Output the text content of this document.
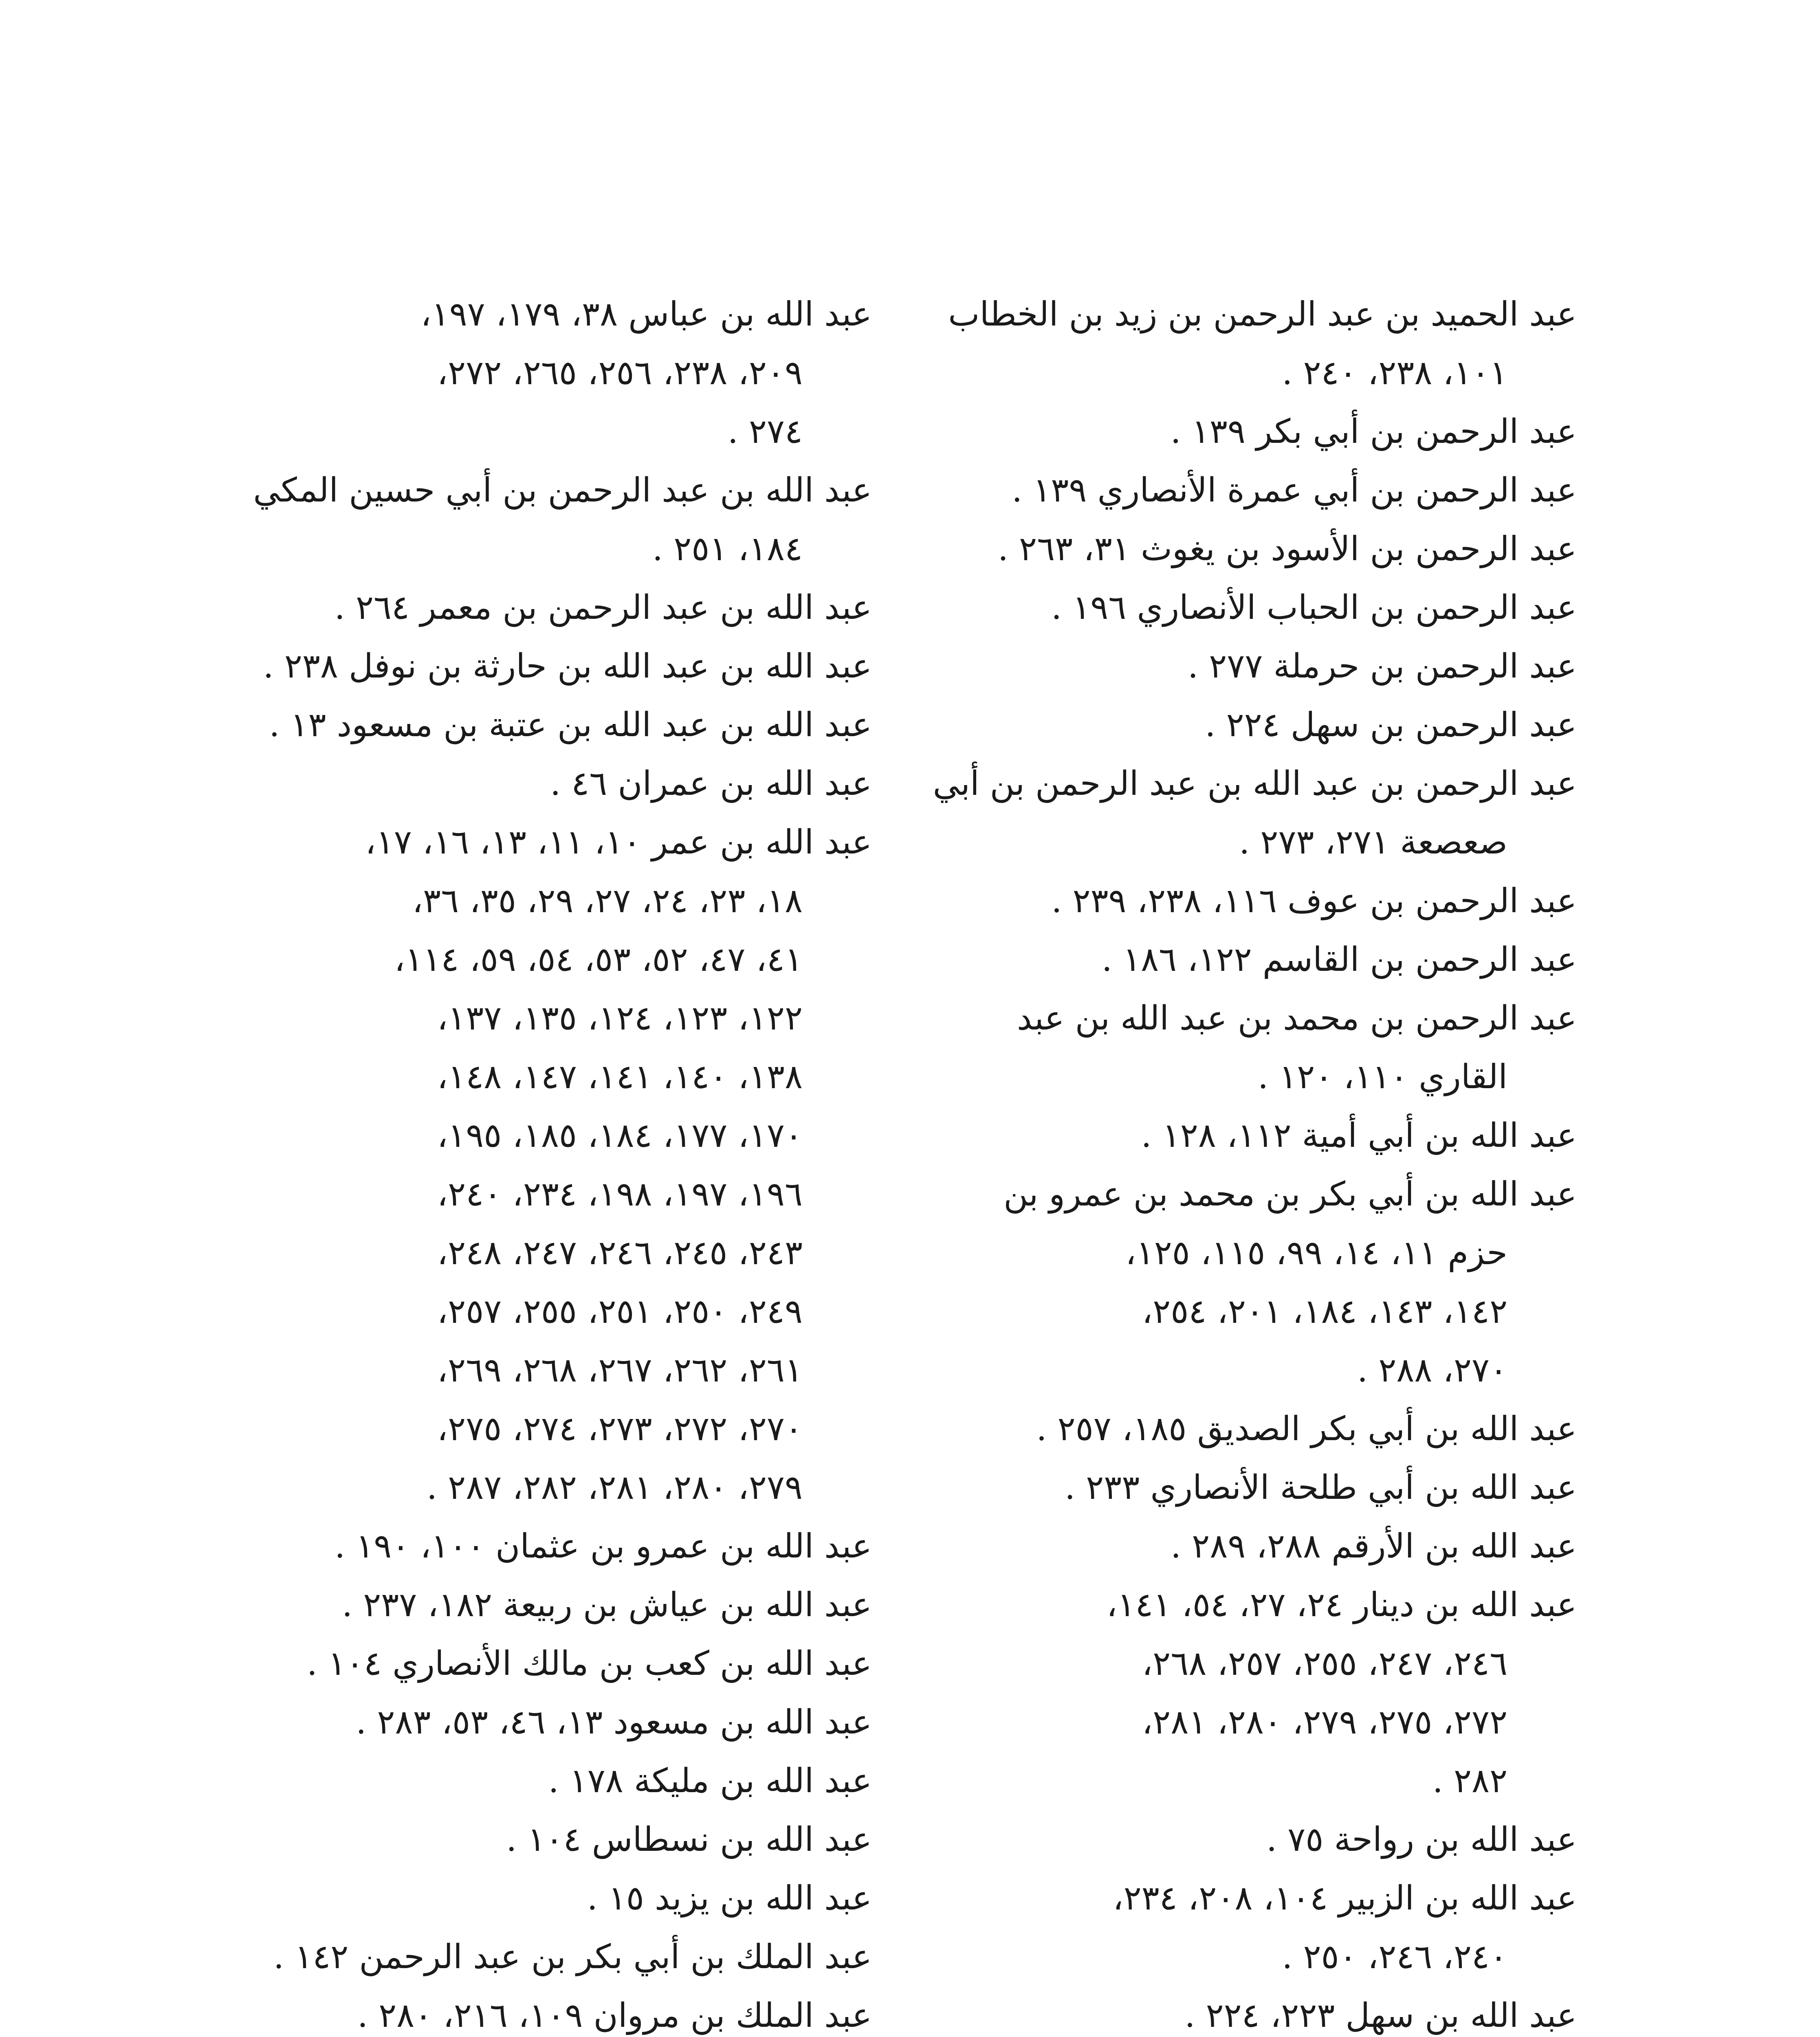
عبد الحميد بن عبد الرحمن بن زيد بن الخطاب
١٠١، ٢٣٨، ٢٤٠ .
عبد الرحمن بن أبي بكر ١٣٩ .
عبد الرحمن بن أبي عمرة الأنصاري ١٣٩ .
عبد الرحمن بن الأسود بن يغوث ٣١، ٢٦٣ .
عبد الرحمن بن الحباب الأنصاري ١٩٦ .
عبد الرحمن بن حرملة ٢٧٧ .
عبد الرحمن بن سهل ٢٢٤ .
عبد الرحمن بن عبد الله بن عبد الرحمن بن أبي
صعصعة ٢٧١، ٢٧٣ .
عبد الرحمن بن عوف ١١٦، ٢٣٨، ٢٣٩ .
عبد الرحمن بن القاسم ١٢٢، ١٨٦ .
عبد الرحمن بن محمد بن عبد الله بن عبد
القاري ١١٠، ١٢٠ .
عبد الله بن أبي أمية ١١٢، ١٢٨ .
عبد الله بن أبي بكر بن محمد بن عمرو بن
حزم ١١، ١٤، ٩٩، ١١٥، ١٢٥،
١٤٢، ١٤٣، ١٨٤، ٢٠١، ٢٥٤،
٢٧٠، ٢٨٨ .
عبد الله بن أبي بكر الصديق ١٨٥، ٢٥٧ .
عبد الله بن أبي طلحة الأنصاري ٢٣٣ .
عبد الله بن الأرقم ٢٨٨، ٢٨٩ .
عبد الله بن دينار ٢٤، ٢٧، ٥٤، ١٤١،
٢٤٦، ٢٤٧، ٢٥٥، ٢٥٧، ٢٦٨،
٢٧٢، ٢٧٥، ٢٧٩، ٢٨٠، ٢٨١،
٢٨٢ .
عبد الله بن رواحة ٧٥ .
عبد الله بن الزبير ١٠٤، ٢٠٨، ٢٣٤،
٢٤٠، ٢٤٦، ٢٥٠ .
عبد الله بن سهل ٢٢٣، ٢٢٤ .
عبد الله بن عباس ٣٨، ١٧٩، ١٩٧،
٢٠٩، ٢٣٨، ٢٥٦، ٢٦٥، ٢٧٢،
٢٧٤ .
عبد الله بن عبد الرحمن بن أبي حسين المكي
١٨٤، ٢٥١ .
عبد الله بن عبد الرحمن بن معمر ٢٦٤ .
عبد الله بن عبد الله بن حارثة بن نوفل ٢٣٨ .
عبد الله بن عبد الله بن عتبة بن مسعود ١٣ .
عبد الله بن عمران ٤٦ .
عبد الله بن عمر ١٠، ١١، ١٣، ١٦، ١٧،
١٨، ٢٣، ٢٤، ٢٧، ٢٩، ٣٥، ٣٦،
٤١، ٤٧، ٥٢، ٥٣، ٥٤، ٥٩، ١١٤،
١٢٢، ١٢٣، ١٢٤، ١٣٥، ١٣٧،
١٣٨، ١٤٠، ١٤١، ١٤٧، ١٤٨،
١٧٠، ١٧٧، ١٨٤، ١٨٥، ١٩٥،
١٩٦، ١٩٧، ١٩٨، ٢٣٤، ٢٤٠،
٢٤٣، ٢٤٥، ٢٤٦، ٢٤٧، ٢٤٨،
٢٤٩، ٢٥٠، ٢٥١، ٢٥٥، ٢٥٧،
٢٦١، ٢٦٢، ٢٦٧، ٢٦٨، ٢٦٩،
٢٧٠، ٢٧٢، ٢٧٣، ٢٧٤، ٢٧٥،
٢٧٩، ٢٨٠، ٢٨١، ٢٨٢، ٢٨٧ .
عبد الله بن عمرو بن عثمان ١٠٠، ١٩٠ .
عبد الله بن عياش بن ربيعة ١٨٢، ٢٣٧ .
عبد الله بن كعب بن مالك الأنصاري ١٠٤ .
عبد الله بن مسعود ١٣، ٤٦، ٥٣، ٢٨٣ .
عبد الله بن مليكة ١٧٨ .
عبد الله بن نسطاس ١٠٤ .
عبد الله بن يزيد ١٥ .
عبد الملك بن أبي بكر بن عبد الرحمن ١٤٢ .
عبد الملك بن مروان ١٠٩، ٢١٦، ٢٨٠ .
